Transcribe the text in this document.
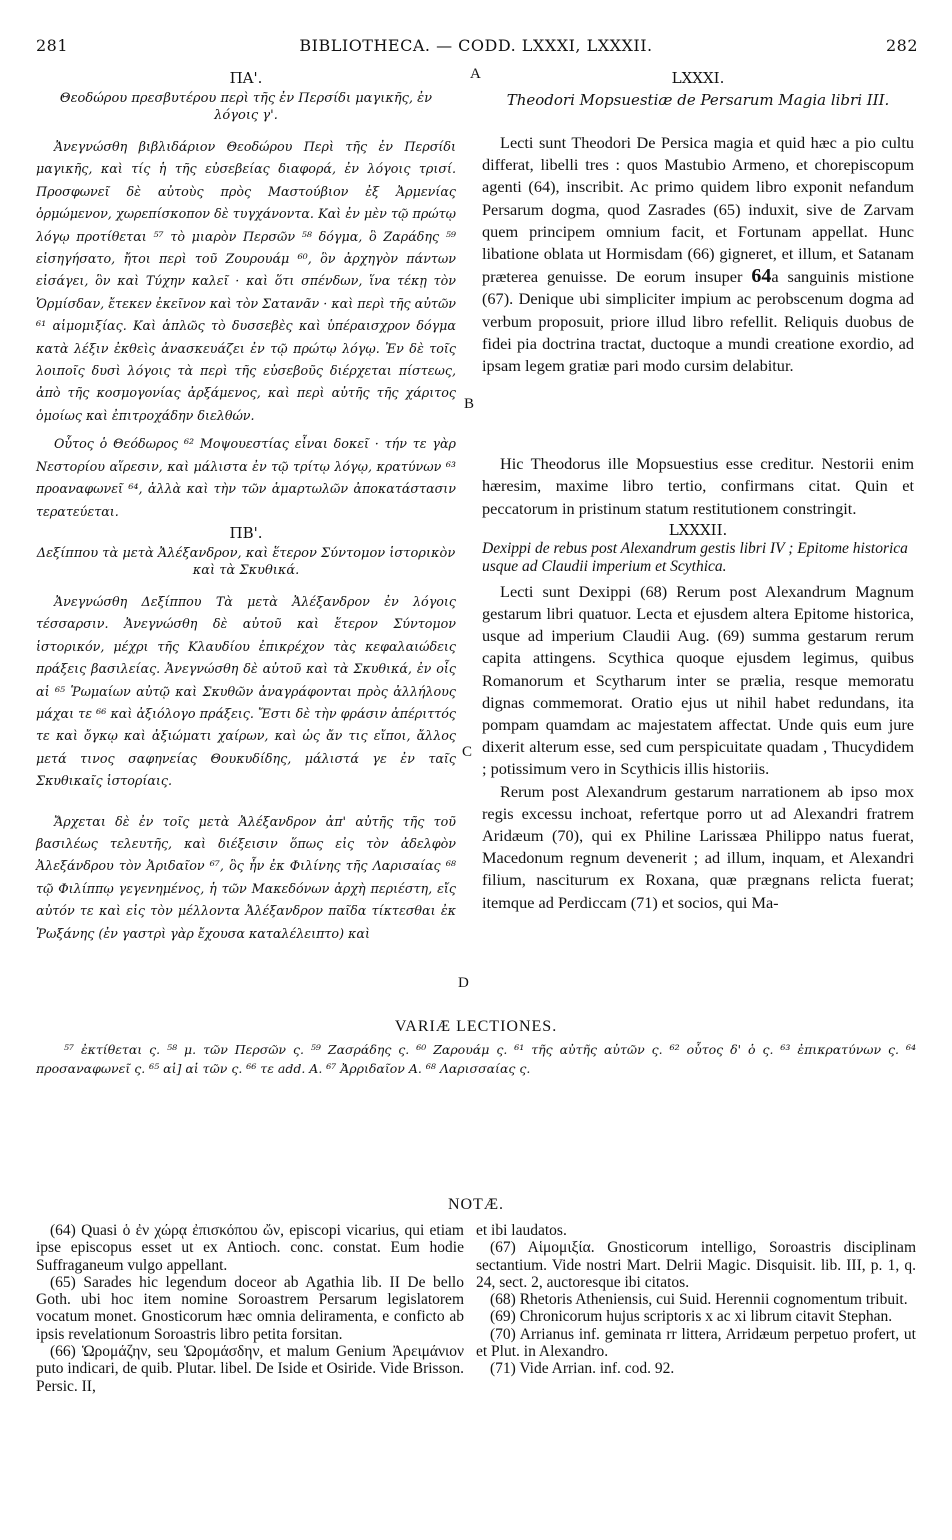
281	BIBLIOTHECA. — CODD. LXXXI, LXXXII.	282
A
B
C
D

ΠΑ'.

Θεοδώρου πρεσβυτέρου περὶ τῆς ἐν Περσίδι μαγικῆς, ἐν λόγοις γ'.

Ἀνεγνώσθη βιβλιδάριον Θεοδώρου Περὶ τῆς ἐν Περσίδι μαγικῆς, καὶ τίς ἡ τῆς εὐσεβείας διαφορά, ἐν λόγοις τρισί. Προσφωνεῖ δὲ αὐτοὺς πρὸς Μαστούβιον ἐξ Ἀρμενίας ὁρμώμενον, χωρεπίσκοπον δὲ τυγχάνοντα. Καὶ ἐν μὲν τῷ πρώτῳ λόγῳ προτίθεται ⁵⁷ τὸ μιαρὸν Περσῶν ⁵⁸ δόγμα, ὃ Ζαράδης ⁵⁹ εἰσηγήσατο, ἤτοι περὶ τοῦ Ζουρουάμ ⁶⁰, ὃν ἀρχηγὸν πάντων εἰσάγει, ὃν καὶ Τύχην καλεῖ · καὶ ὅτι σπένδων, ἵνα τέκῃ τὸν Ὁρμίσδαν, ἔτεκεν ἐκεῖνον καὶ τὸν Σατανᾶν · καὶ περὶ τῆς αὐτῶν ⁶¹ αἱμομιξίας. Καὶ ἁπλῶς τὸ δυσσεβὲς καὶ ὑπέραισχρον δόγμα κατὰ λέξιν ἐκθεὶς ἀνασκευάζει ἐν τῷ πρώτῳ λόγῳ. Ἐν δὲ τοῖς λοιποῖς δυσὶ λόγοις τὰ περὶ τῆς εὐσεβοῦς διέρχεται πίστεως, ἀπὸ τῆς κοσμογονίας ἀρξάμενος, καὶ περὶ αὐτῆς τῆς χάριτος ὁμοίως καὶ ἐπιτροχάδην διελθών.

Οὗτος ὁ Θεόδωρος ⁶² Μοψουεστίας εἶναι δοκεῖ · τήν τε γὰρ Νεστορίου αἵρεσιν, καὶ μάλιστα ἐν τῷ τρίτῳ λόγῳ, κρατύνων ⁶³ προαναφωνεῖ ⁶⁴, ἀλλὰ καὶ τὴν τῶν ἁμαρτωλῶν ἀποκατάστασιν τερατεύεται.

ΠΒ'.

Δεξίππου τὰ μετὰ Ἀλέξανδρον, καὶ ἕτερον Σύντομον ἱστορικὸν καὶ τὰ Σκυθικά.

Ἀνεγνώσθη Δεξίππου Τὰ μετὰ Ἀλέξανδρον ἐν λόγοις τέσσαρσιν. Ἀνεγνώσθη δὲ αὐτοῦ καὶ ἕτερον Σύντομον ἱστορικόν, μέχρι τῆς Κλαυδίου ἐπικρέχον τὰς κεφαλαιώδεις πράξεις βασιλείας. Ἀνεγνώσθη δὲ αὐτοῦ καὶ τὰ Σκυθικά, ἐν οἷς αἱ ⁶⁵ Ῥωμαίων αὐτῷ καὶ Σκυθῶν ἀναγράφονται πρὸς ἀλλήλους μάχαι τε ⁶⁶ καὶ ἀξιόλογο πράξεις. Ἔστι δὲ τὴν φράσιν ἀπέριττός τε καὶ ὄγκῳ καὶ ἀξιώματι χαίρων, καὶ ὡς ἄν τις εἴποι, ἄλλος μετά τινος σαφηνείας Θουκυδίδης, μάλιστά γε ἐν ταῖς Σκυθικαῖς ἱστορίαις.

Ἄρχεται δὲ ἐν τοῖς μετὰ Ἀλέξανδρον ἀπ' αὐτῆς τῆς τοῦ βασιλέως τελευτῆς, καὶ διέξεισιν ὅπως εἰς τὸν ἀδελφὸν Ἀλεξάνδρου τὸν Ἀριδαῖον ⁶⁷, ὃς ἦν ἐκ Φιλίνης τῆς Λαρισαίας ⁶⁸ τῷ Φιλίππῳ γεγενημένος, ἡ τῶν Μακεδόνων ἀρχὴ περιέστη, εἴς αὐτόν τε καὶ εἰς τὸν μέλλοντα Ἀλέξανδρον παῖδα τίκτεσθαι ἐκ Ῥωξάνης (ἐν γαστρὶ γὰρ ἔχουσα καταλέλειπτο) καὶ

LXXXI.

Theodori Mopsuestiæ de Persarum Magia libri III.

Lecti sunt Theodori De Persica magia et quid hæc a pio cultu differat, libelli tres : quos Mastubio Armeno, et chorepiscopum agenti (64), inscribit. Ac primo quidem libro exponit nefandum Persarum dogma, quod Zasrades (65) induxit, sive de Zarvam quem principem omnium facit, et Fortunam appellat. Hunc libatione oblata ut Hormisdam (66) gigneret, et illum, et Satanam præterea genuisse. De eorum insuper 64a sanguinis mistione (67). Denique ubi simpliciter impium ac perobscenum dogma ad verbum proposuit, priore illud libro refellit. Reliquis duobus de fidei pia doctrina tractat, ductoque a mundi creatione exordio, ad ipsam legem gratiæ pari modo cursim delabitur.

Hic Theodorus ille Mopsuestius esse creditur. Nestorii enim hæresim, maxime libro tertio, confirmans citat. Quin et peccatorum in pristinum statum restitutionem constringit.

LXXXII.

Dexippi de rebus post Alexandrum gestis libri IV ; Epitome historica usque ad Claudii imperium et Scythica.

Lecti sunt Dexippi (68) Rerum post Alexandrum Magnum gestarum libri quatuor. Lecta et ejusdem altera Epitome historica, usque ad imperium Claudii Aug. (69) summa gestarum rerum capita attingens. Scythica quoque ejusdem legimus, quibus Romanorum et Scytharum inter se prælia, resque memoratu dignas commemorat. Oratio ejus ut nihil habet redundans, ita pompam quamdam ac majestatem affectat. Unde quis eum jure dixerit alterum esse, sed cum perspicuitate quadam , Thucydidem ; potissimum vero in Scythicis illis historiis.

Rerum post Alexandrum gestarum narrationem ab ipso mox regis excessu inchoat, refertque porro ut ad Alexandri fratrem Aridæum (70), qui ex Philine Larissæa Philippo natus fuerat, Macedonum regnum devenerit ; ad illum, inquam, et Alexandri filium, nasciturum ex Roxana, quæ prægnans relicta fuerat; itemque ad Perdiccam (71) et socios, qui Ma-

VARIÆ LECTIONES.
⁵⁷ ἐκτίθεται ς. ⁵⁸ μ. τῶν Περσῶν ς. ⁵⁹ Ζασράδης ς. ⁶⁰ Ζαρουάμ ς. ⁶¹ τῆς αὐτῆς αὐτῶν ς. ⁶² οὗτος δ' ὁ ς. ⁶³ ἐπικρατύνων ς. ⁶⁴ προσαναφωνεῖ ς. ⁶⁵ αἱ] αἱ τῶν ς. ⁶⁶ τε add. A. ⁶⁷ Ἀρριδαῖον A. ⁶⁸ Λαρισσαίας ς.
NOTÆ.

(64) Quasi ὁ ἐν χώρᾳ ἐπισκόπου ὤν, episcopi vicarius, qui etiam ipse episcopus esset ut ex Antioch. conc. constat. Eum hodie Suffraganeum vulgo appellant.

(65) Sarades hic legendum doceor ab Agathia lib. II De bello Goth. ubi hoc item nomine Soroastrem Persarum legislatorem vocatum monet. Gnosticorum hæc omnia deliramenta, e conficto ab ipsis revelationum Soroastris libro petita forsitan.

(66) Ὡρομάζην, seu Ὡρομάσδην, et malum Genium Ἀρειμάνιον puto indicari, de quib. Plutar. libel. De Iside et Osiride. Vide Brisson. Persic. II,

et ibi laudatos.

(67) Αἱμομιξία. Gnosticorum intelligo, Soroastris disciplinam sectantium. Vide nostri Mart. Delrii Magic. Disquisit. lib. III, p. 1, q. 24, sect. 2, auctoresque ibi citatos.

(68) Rhetoris Atheniensis, cui Suid. Herennii cognomentum tribuit.

(69) Chronicorum hujus scriptoris x ac xi librum citavit Stephan.

(70) Arrianus inf. geminata rr littera, Arridæum perpetuo profert, ut et Plut. in Alexandro.

(71) Vide Arrian. inf. cod. 92.
